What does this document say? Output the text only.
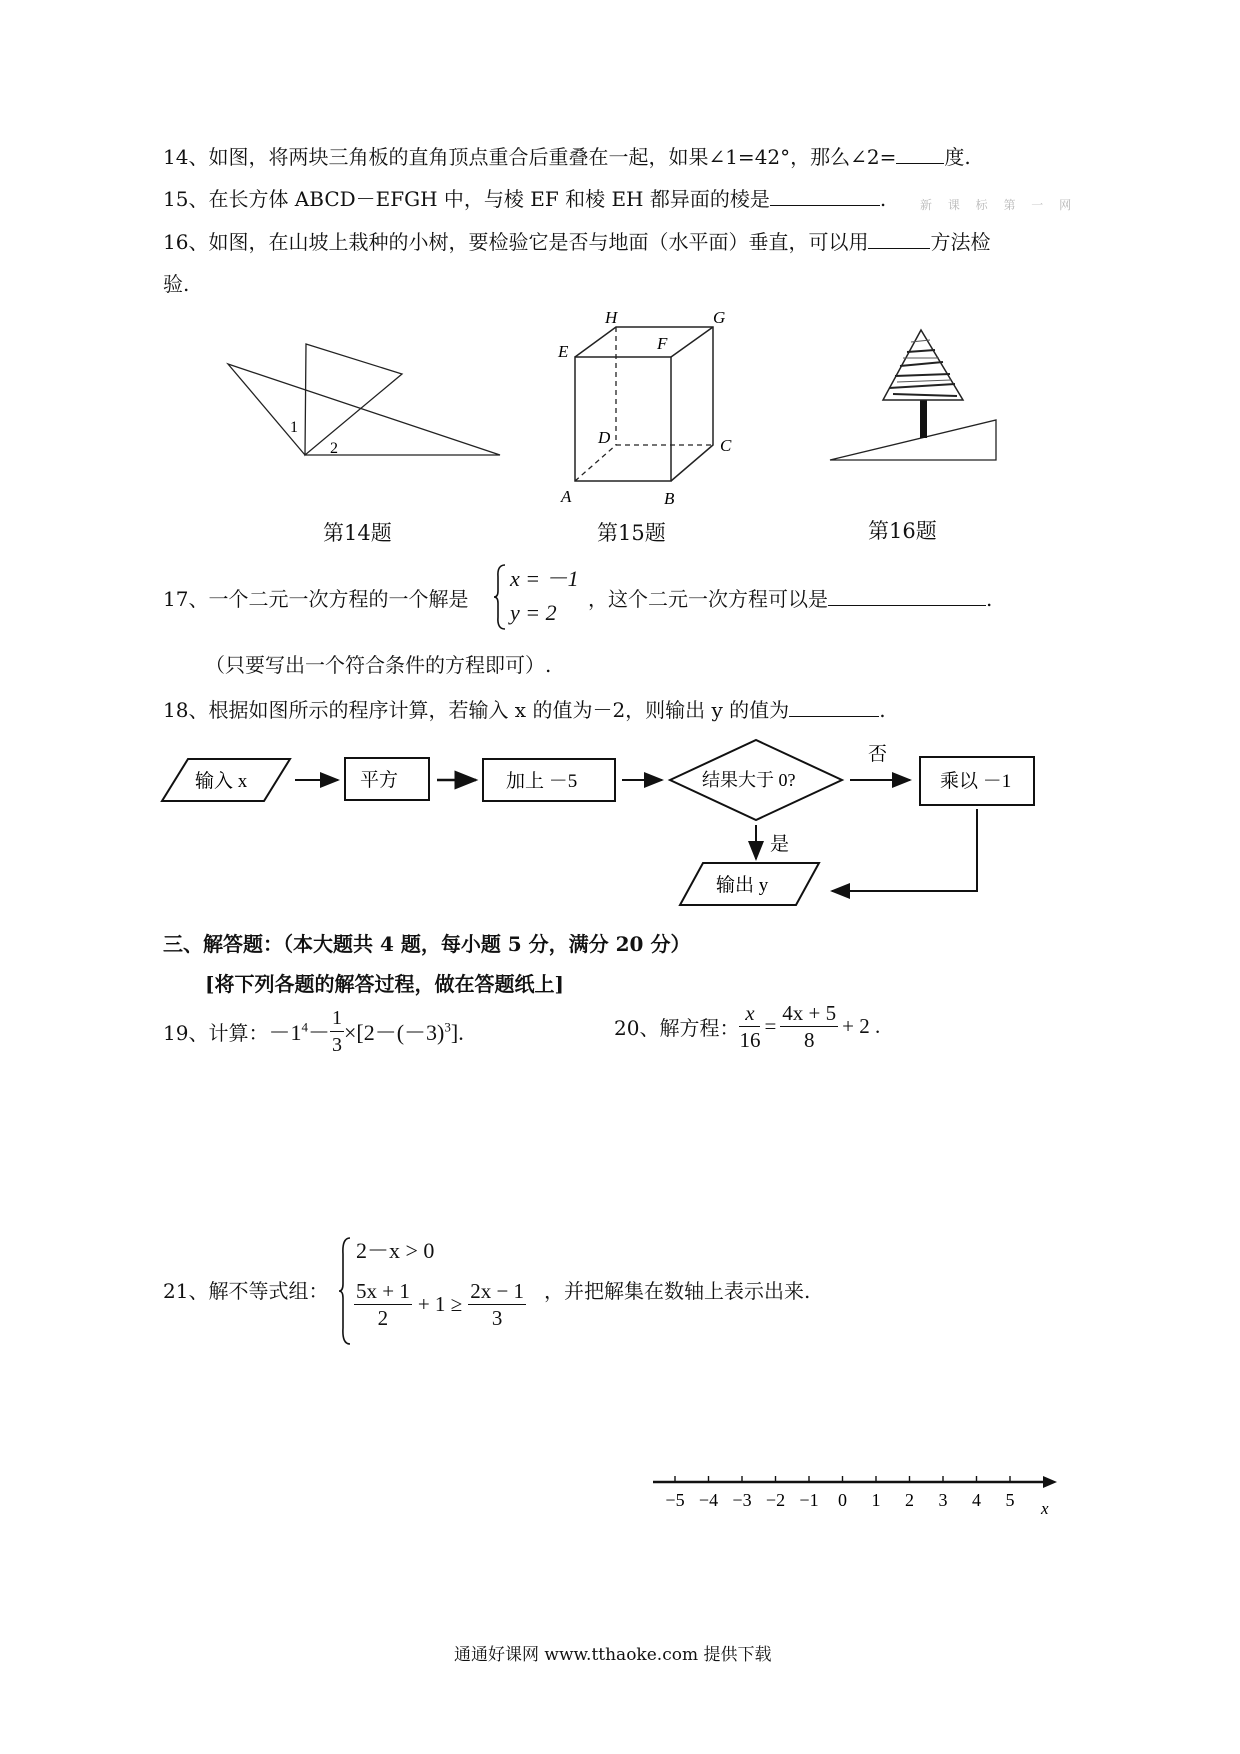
14、如图，将两块三角板的直角顶点重合后重叠在一起，如果∠1=42°，那么∠2= 度.
15、在长方体 ABCD－EFGH 中，与棱 EF 和棱 EH 都异面的棱是	.	新 课 标 第 一 网
16、如图，在山坡上栽种的小树，要检验它是否与地面（水平面）垂直，可以用	方法检
验.
1
2
第14题
H	G
E	F
D	C
A	B
第15题	第16题
17、一个二元一次方程的一个解是
x = －1
y = 2
，这个二元一次方程可以是	.
（只要写出一个符合条件的方程即可）.
18、根据如图所示的程序计算，若输入 x 的值为－2，则输出 y 的值为	.
输入 x	平方	加上 －5	结果大于 0?
否
乘以 －1
是
输出 y
三、解答题：（本大题共 4 题，每小题 5 分，满分 20 分）
[将下列各题的解答过程，做在答题纸上]
19、计算：$-1^4- \frac{1}{3} \times[2-(-3)^3]$.	20、解方程： $\frac{x}{16} = \frac{4x + 5}{8} + 2$ .
21、解不等式组：
2－x > 0
$\frac{5x + 1}{2} + 1 \ge \frac{2x - 1}{3}$ ，并把解集在数轴上表示出来.
−5 −4 −3 −2 −1 0 1 2 3 4 5 x
通通好课网 www.tthaoke.com 提供下载
